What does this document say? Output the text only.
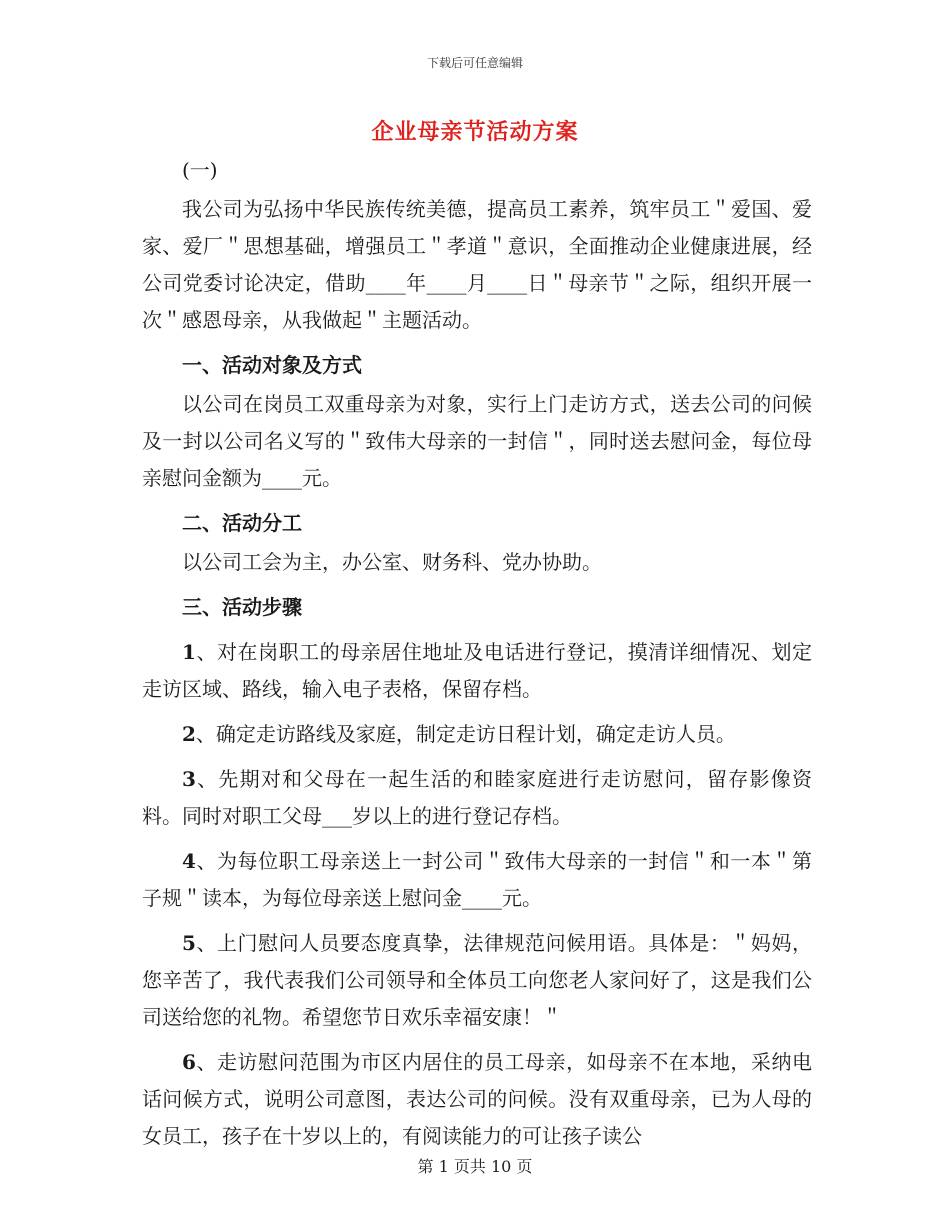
下载后可任意编辑
企业母亲节活动方案

(一)

我公司为弘扬中华民族传统美德，提高员工素养，筑牢员工＂爱国、爱家、爱厂＂思想基础，增强员工＂孝道＂意识，全面推动企业健康进展，经公司党委讨论决定，借助____年____月____日＂母亲节＂之际，组织开展一次＂感恩母亲，从我做起＂主题活动。

一、活动对象及方式

以公司在岗员工双重母亲为对象，实行上门走访方式，送去公司的问候及一封以公司名义写的＂致伟大母亲的一封信＂，同时送去慰问金，每位母亲慰问金额为____元。

二、活动分工

以公司工会为主，办公室、财务科、党办协助。

三、活动步骤

1、对在岗职工的母亲居住地址及电话进行登记，摸清详细情况、划定走访区域、路线，输入电子表格，保留存档。

2、确定走访路线及家庭，制定走访日程计划，确定走访人员。

3、先期对和父母在一起生活的和睦家庭进行走访慰问，留存影像资料。同时对职工父母___岁以上的进行登记存档。

4、为每位职工母亲送上一封公司＂致伟大母亲的一封信＂和一本＂第子规＂读本，为每位母亲送上慰问金____元。

5、上门慰问人员要态度真挚，法律规范问候用语。具体是：＂妈妈，您辛苦了，我代表我们公司领导和全体员工向您老人家问好了，这是我们公司送给您的礼物。希望您节日欢乐幸福安康！＂

6、走访慰问范围为市区内居住的员工母亲，如母亲不在本地，采纳电话问候方式，说明公司意图，表达公司的问候。没有双重母亲，已为人母的女员工，孩子在十岁以上的，有阅读能力的可让孩子读公

第 1 页共 10 页
